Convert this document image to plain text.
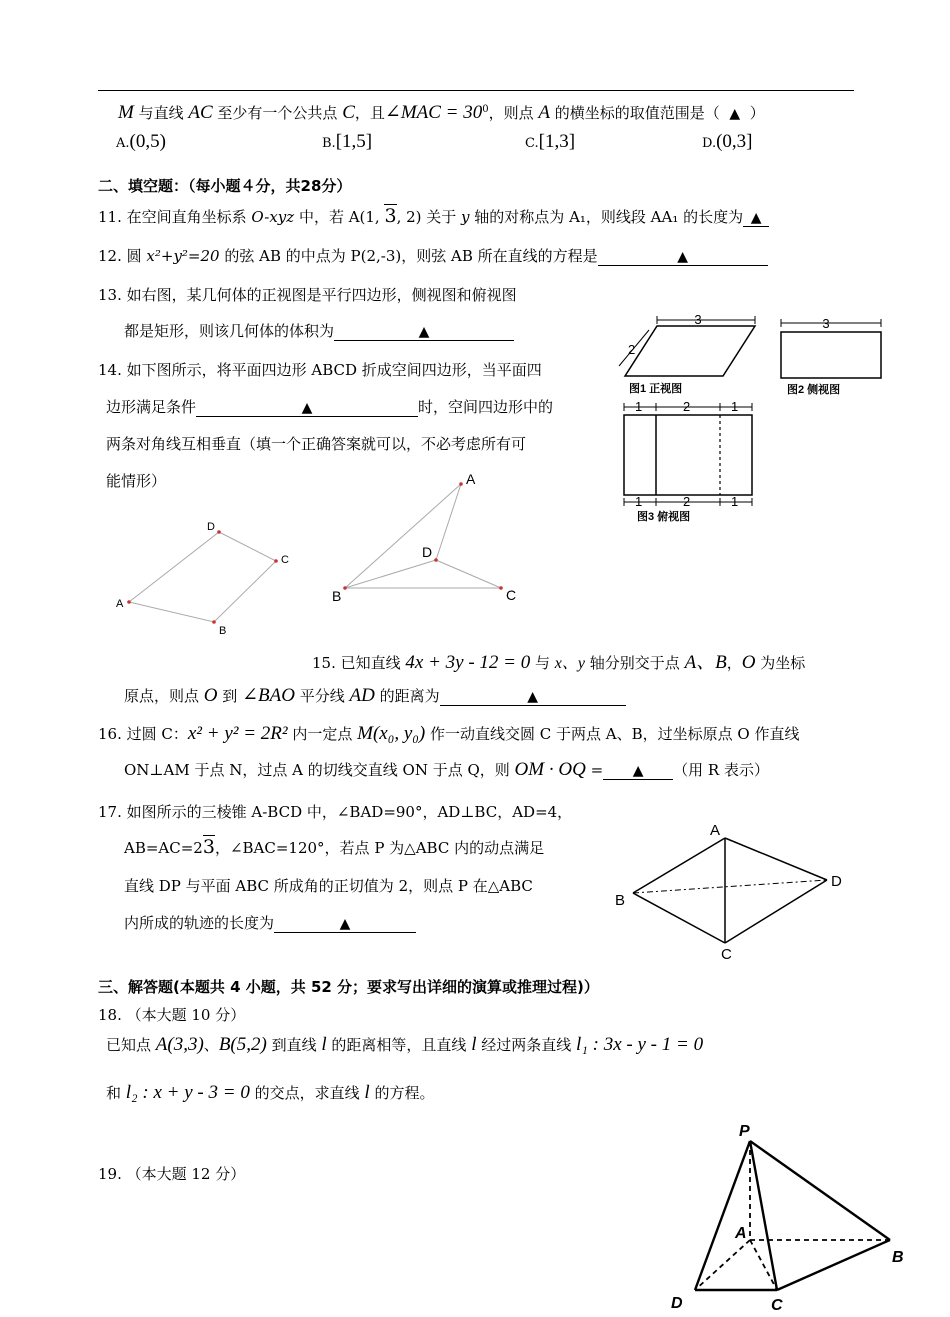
M 与直线 AC 至少有一个公共点 C，且∠MAC = $30^0$，则点 A 的横坐标的取值范围是（ ▲ ）
A.(0,5)	B.[1,5]	C.[1,3]	D.(0,3]
二、填空题：（每小题４分，共28分）
11. 在空间直角坐标系 O-xyz 中，若 A(1, 3, 2) 关于 y 轴的对称点为 A₁，则线段 AA₁ 的长度为 ▲
12. 圆 x²+y²=20 的弦 AB 的中点为 P(2,-3)，则弦 AB 所在直线的方程是	▲
13. 如右图，某几何体的正视图是平行四边形，侧视图和俯视图
都是矩形，则该几何体的体积为	▲
14. 如下图所示，将平面四边形 ABCD 折成空间四边形，当平面四
边形满足条件	▲	时，空间四边形中的
两条对角线互相垂直（填一个正确答案就可以，不必考虑所有可
能情形）
3
2
图1 正视图
3
图2 侧视图
1	2	1
1	2	1
图3 俯视图
A
D
C
B
A
D
B	C
15. 已知直线 4x + 3y - 12 = 0 与 x、y 轴分别交于点 A、B，O 为坐标
原点，则点 O 到 ∠BAO 平分线 AD 的距离为	▲
16. 过圆 C：x² + y² = 2R² 内一定点 M(x₀, y₀) 作一动直线交圆 C 于两点 A、B，过坐标原点 O 作直线
ON⊥AM 于点 N，过点 A 的切线交直线 ON 于点 Q，则 OM · OQ = ▲ （用 R 表示）
17. 如图所示的三棱锥 A-BCD 中，∠BAD=90°，AD⊥BC，AD=4，
AB=AC=23，∠BAC=120°，若点 P 为△ABC 内的动点满足
直线 DP 与平面 ABC 所成角的正切值为 2，则点 P 在△ABC
内所成的轨迹的长度为	▲
A
B
C
D
三、解答题(本题共 4 小题，共 52 分；要求写出详细的演算或推理过程)）
18. （本大题 10 分）
已知点 A(3,3)、B(5,2) 到直线 l 的距离相等，且直线 l 经过两条直线 l₁ : 3x - y - 1 = 0
和 l₂ : x + y - 3 = 0 的交点，求直线 l 的方程。
19. （本大题 12 分）
P
A
B
D	C
